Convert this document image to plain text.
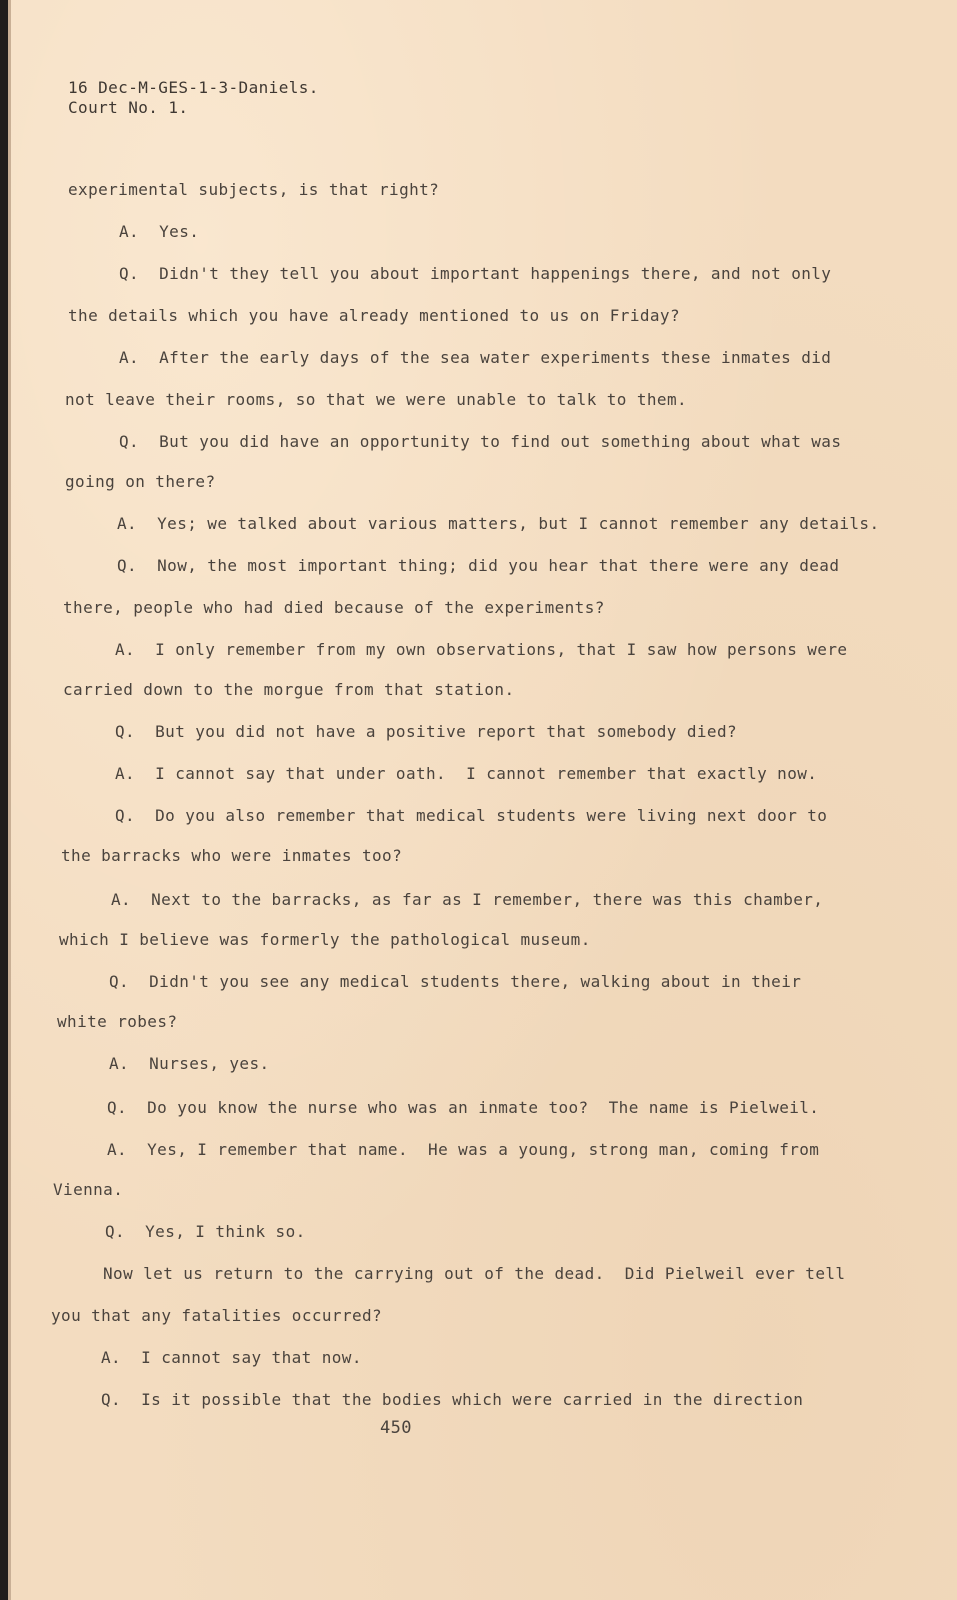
16 Dec-M-GES-1-3-Daniels.
Court No. 1.
experimental subjects, is that right?
A.  Yes.
Q.  Didn't they tell you about important happenings there, and not only
the details which you have already mentioned to us on Friday?
A.  After the early days of the sea water experiments these inmates did
not leave their rooms, so that we were unable to talk to them.
Q.  But you did have an opportunity to find out something about what was
going on there?
A.  Yes; we talked about various matters, but I cannot remember any details.
Q.  Now, the most important thing; did you hear that there were any dead
there, people who had died because of the experiments?
A.  I only remember from my own observations, that I saw how persons were
carried down to the morgue from that station.
Q.  But you did not have a positive report that somebody died?
A.  I cannot say that under oath.  I cannot remember that exactly now.
Q.  Do you also remember that medical students were living next door to
the barracks who were inmates too?
A.  Next to the barracks, as far as I remember, there was this chamber,
which I believe was formerly the pathological museum.
Q.  Didn't you see any medical students there, walking about in their
white robes?
A.  Nurses, yes.
Q.  Do you know the nurse who was an inmate too?  The name is Pielweil.
A.  Yes, I remember that name.  He was a young, strong man, coming from
Vienna.
Q.  Yes, I think so.
Now let us return to the carrying out of the dead.  Did Pielweil ever tell
you that any fatalities occurred?
A.  I cannot say that now.
Q.  Is it possible that the bodies which were carried in the direction
450
